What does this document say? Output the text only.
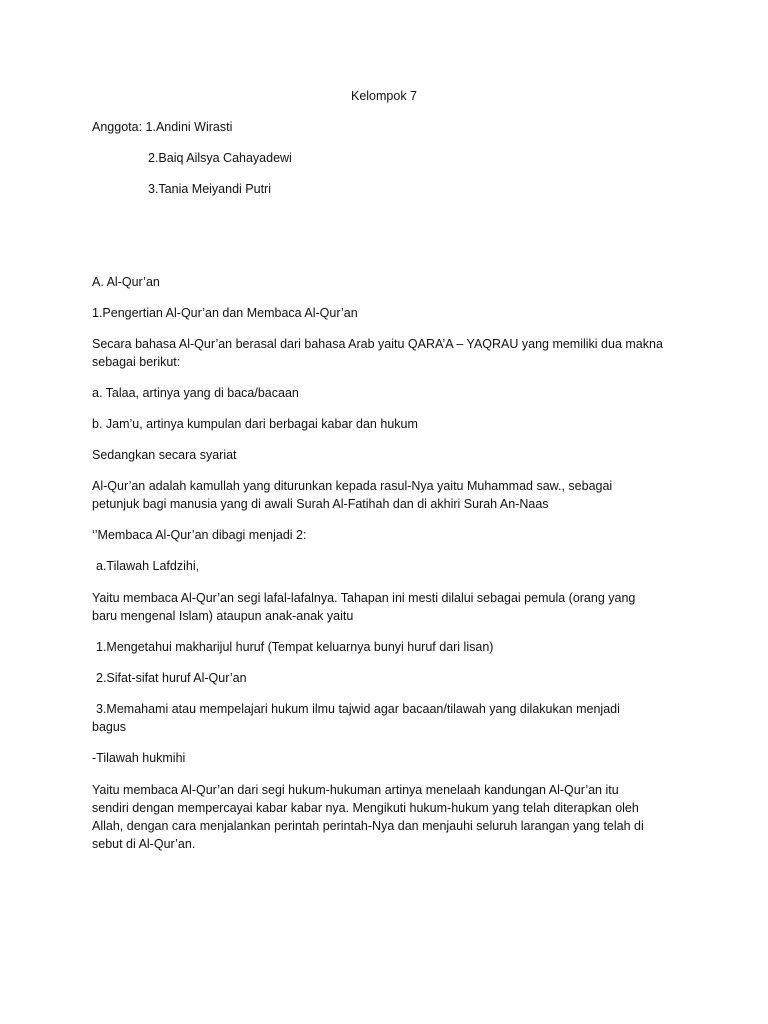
Kelompok 7
Anggota: 1.Andini Wirasti
2.Baiq Ailsya Cahayadewi
3.Tania Meiyandi Putri
A. Al-Qur’an
1.Pengertian Al-Qur’an dan Membaca Al-Qur’an
Secara bahasa Al-Qur’an berasal dari bahasa Arab yaitu QARA’A – YAQRAU yang memiliki dua makna
sebagai berikut:
a. Talaa, artinya yang di baca/bacaan
b. Jam’u, artinya kumpulan dari berbagai kabar dan hukum
Sedangkan secara syariat
Al-Qur’an adalah kamullah yang diturunkan kepada rasul-Nya yaitu Muhammad saw., sebagai
petunjuk bagi manusia yang di awali Surah Al-Fatihah dan di akhiri Surah An-Naas
‘’Membaca Al-Qur’an dibagi menjadi 2:
a.Tilawah Lafdzihi,
Yaitu membaca Al-Qur’an segi lafal-lafalnya. Tahapan ini mesti dilalui sebagai pemula (orang yang
baru mengenal Islam) ataupun anak-anak yaitu
1.Mengetahui makharijul huruf (Tempat keluarnya bunyi huruf dari lisan)
2.Sifat-sifat huruf Al-Qur’an
3.Memahami atau mempelajari hukum ilmu tajwid agar bacaan/tilawah yang dilakukan menjadi
bagus
-Tilawah hukmihi
Yaitu membaca Al-Qur’an dari segi hukum-hukuman artinya menelaah kandungan Al-Qur’an itu
sendiri dengan mempercayai kabar kabar nya. Mengikuti hukum-hukum yang telah diterapkan oleh
Allah, dengan cara menjalankan perintah perintah-Nya dan menjauhi seluruh larangan yang telah di
sebut di Al-Qur’an.
